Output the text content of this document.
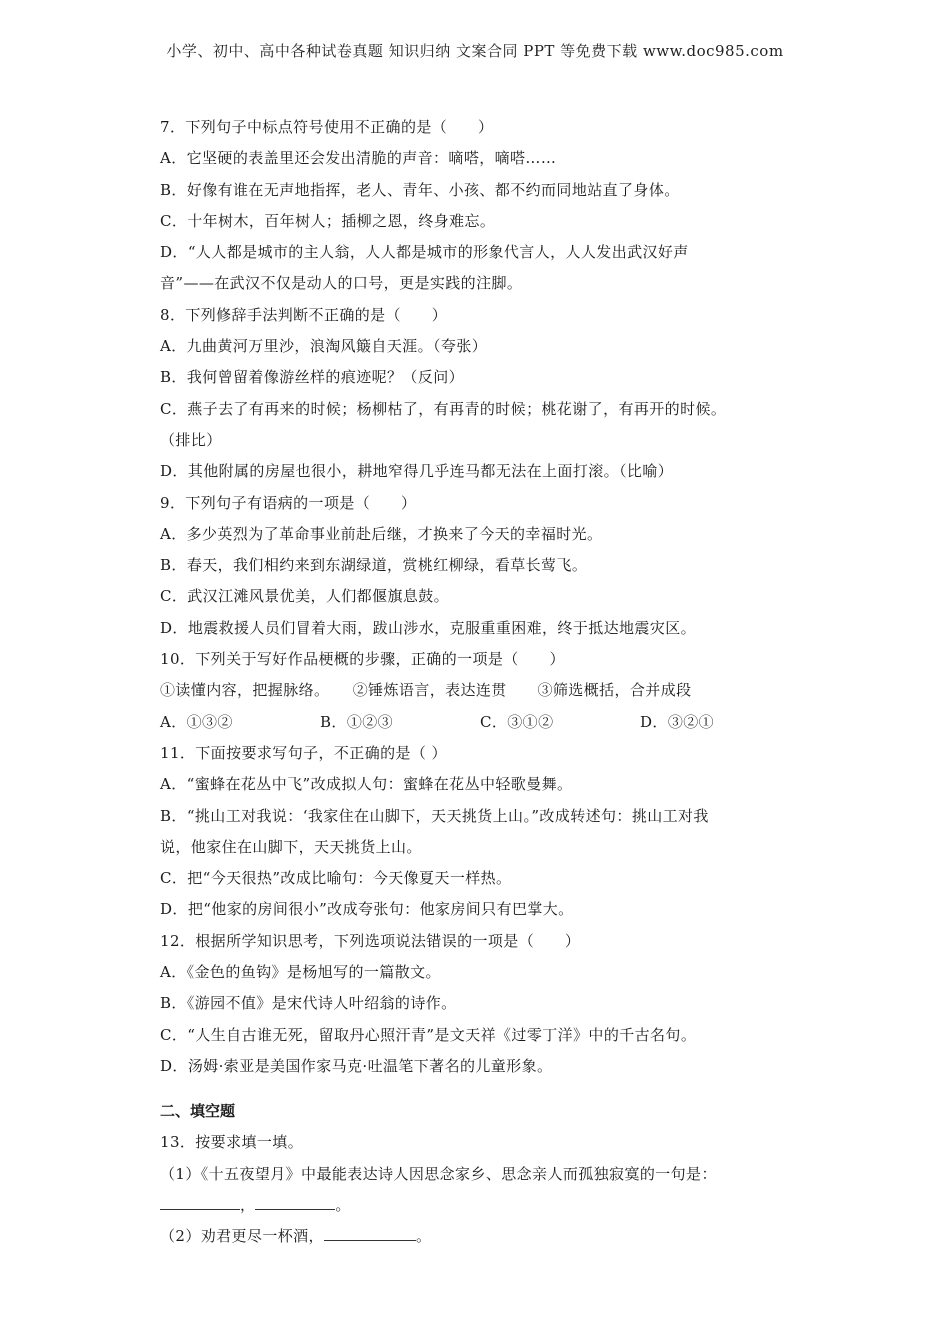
小学、初中、高中各种试卷真题 知识归纳 文案合同 PPT 等免费下载 www.doc985.com
7．下列句子中标点符号使用不正确的是（　　）
A．它坚硬的表盖里还会发出清脆的声音：嘀嗒，嘀嗒……
B．好像有谁在无声地指挥，老人、青年、小孩、都不约而同地站直了身体。
C．十年树木，百年树人；插柳之恩，终身难忘。
D．“人人都是城市的主人翁，人人都是城市的形象代言人，人人发出武汉好声
音”——在武汉不仅是动人的口号，更是实践的注脚。
8．下列修辞手法判断不正确的是（　　）
A．九曲黄河万里沙，浪淘风簸自天涯。（夸张）
B．我何曾留着像游丝样的痕迹呢？（反问）
C．燕子去了有再来的时候；杨柳枯了，有再青的时候；桃花谢了，有再开的时候。
（排比）
D．其他附属的房屋也很小，耕地窄得几乎连马都无法在上面打滚。（比喻）
9．下列句子有语病的一项是（　　）
A．多少英烈为了革命事业前赴后继，才换来了今天的幸福时光。
B．春天，我们相约来到东湖绿道，赏桃红柳绿，看草长莺飞。
C．武汉江滩风景优美，人们都偃旗息鼓。
D．地震救援人员们冒着大雨，跋山涉水，克服重重困难，终于抵达地震灾区。
10．下列关于写好作品梗概的步骤，正确的一项是（　　）
①读懂内容，把握脉络。　　②锤炼语言，表达连贯　　③筛选概括，合并成段
A．①③②	B．①②③	C．③①②	D．③②①
11．下面按要求写句子，不正确的是（ ）
A．“蜜蜂在花丛中飞”改成拟人句：蜜蜂在花丛中轻歌曼舞。
B．“挑山工对我说：‘我家住在山脚下，天天挑货上山。”改成转述句：挑山工对我
说，他家住在山脚下，天天挑货上山。
C．把“今天很热”改成比喻句：今天像夏天一样热。
D．把“他家的房间很小”改成夸张句：他家房间只有巴掌大。
12．根据所学知识思考，下列选项说法错误的一项是（　　）
A．《金色的鱼钩》是杨旭写的一篇散文。
B．《游园不值》是宋代诗人叶绍翁的诗作。
C．“人生自古谁无死，留取丹心照汗青”是文天祥《过零丁洋》中的千古名句。
D．汤姆·索亚是美国作家马克·吐温笔下著名的儿童形象。
二、填空题
13．按要求填一填。
（1）《十五夜望月》中最能表达诗人因思念家乡、思念亲人而孤独寂寞的一句是：
，	。
（2）劝君更尽一杯酒，	。
